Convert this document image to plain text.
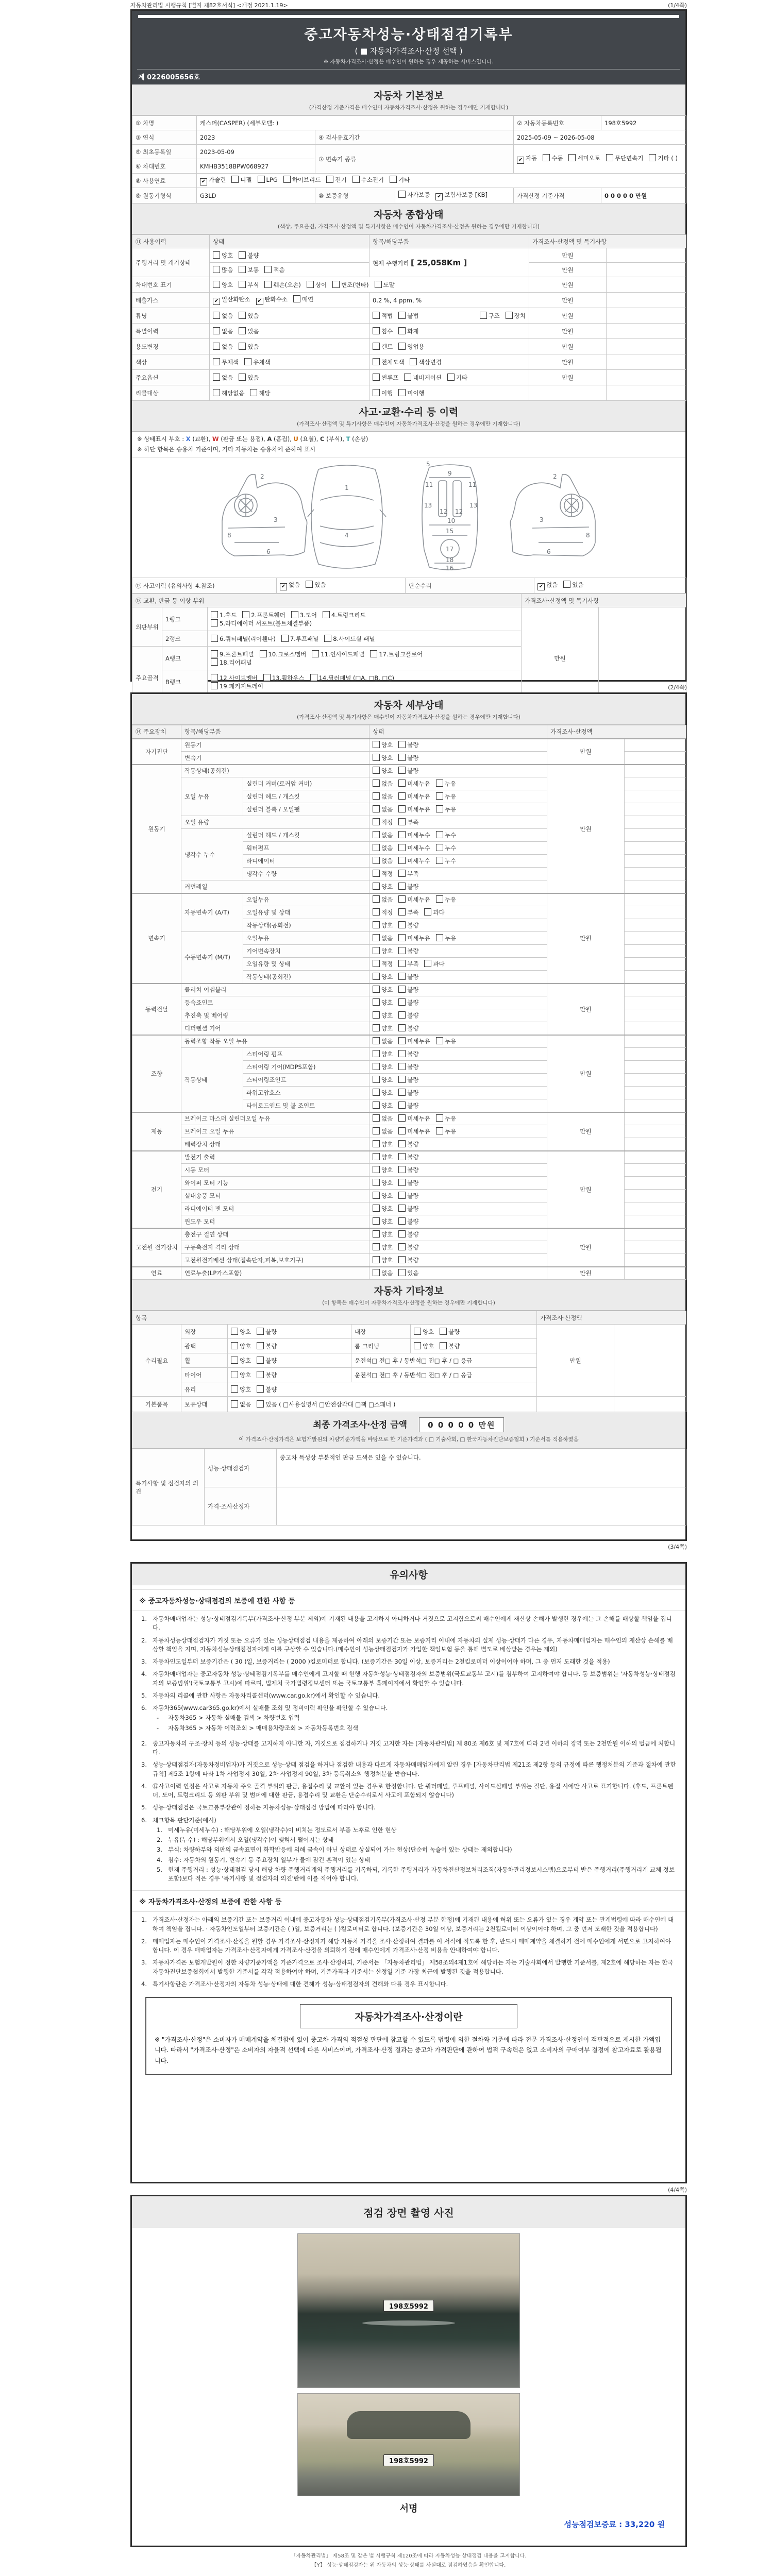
자동차관리법 시행규칙 [별지 제82호서식] <개정 2021.1.19>	(1/4쪽)
중고자동차성능·상태점검기록부
( ■ 자동차가격조사·산정 선택 )
※ 자동차가격조사·산정은 매수인이 원하는 경우 제공하는 서비스입니다.
제 0226005656호
자동차 기본정보
(가격산정 기준가격은 매수인이 자동차가격조사·산정을 원하는 경우에만 기재합니다)
① 차명	캐스퍼(CASPER) (세부모델: )			② 자동차등록번호	198호5992
③ 연식	2023	④ 검사유효기간		2025-05-09 ~ 2026-05-08	
⑤ 최초등록일	2023-05-09	⑦ 변속기 종류		✔ 자동 수동 세미오토 무단변속기 기타 ( )	
⑥ 차대번호	KMHB3518BPW068927				
⑧ 사용연료	✔ 가솔린 디젤 LPG 하이브리드 전기 수소전기 기타				
⑨ 원동기형식	G3LD	⑩ 보증유형	자가보증 ✔ 보험사보증 [KB]	가격산정 기준가격	0 0 0 0 0 만원
자동차 종합상태
(색상, 주요옵션, 가격조사·산정액 및 특기사항은 매수인이 자동차가격조사·산정을 원하는 경우에만 기재합니다)
⑪ 사용이력	상태	항목/해당부품	가격조사·산정액 및 특기사항	
주행거리 및 계기상태	양호 불량	현재 주행거리 [ 25,058Km ]	만원	
	많음 보통 적음		만원	
차대번호 표기	양호 부식 훼손(오손) 상이 변조(변타) 도말		만원	
배출가스	✔ 일산화탄소 ✔ 탄화수소 매연	0.2 %, 4 ppm, %	만원	
튜닝	없음 있음	적법 불법 구조 장치	만원	
특별이력	없음 있음	침수 화재	만원	
용도변경	없음 있음	렌트 영업용	만원	
색상	무채색 유채색	전체도색 색상변경	만원	
주요옵션	없음 있음	썬루프 네비게이션 기타	만원	
리콜대상	해당없음 해당	이행 미이행		
사고·교환·수리 등 이력
(가격조사·산정액 및 특기사항은 매수인이 자동차가격조사·산정을 원하는 경우에만 기재합니다)
※ 상태표시 부호 : X (교환), W (판금 또는 용접), A (흠집), U (요철), C (부식), T (손상)
※ 하단 항목은 승용차 기준이며, 기타 자동차는 승용차에 준하여 표시
2
3
8
6
1
4
5
9
11	11
13	13
12 12
10
15
17
16
18
2
3
8
6
⑫ 사고이력 (유의사항 4.참조)	✔ 없음 있음	단순수리	✔ 없음 있음
⑬ 교환, 판금 등 이상 부위			가격조사·산정액 및 특기사항	
외판부위	1랭크	1.후드 2.프론트휀더 3.도어 4.트렁크리드
5.라디에이터 서포트(볼트체결부품)	만원	
	2랭크	6.쿼터패널(리어휀다) 7.루프패널 8.사이드실 패널		

주요골격	A랭크	9.프론트패널 10.크로스멤버 11.인사이드패널 17.트렁크플로어
18.리어패널		

	B랭크	12.사이드멤버 13.휠하우스 14.필러패널 (□A, □B, □C)
19.패키지트레이		

		(2/4쪽)
자동차 세부상태
(가격조사·산정액 및 특기사항은 매수인이 자동차가격조사·산정을 원하는 경우에만 기재합니다)
⑭ 주요장치	항목/해당부품		상태	가격조사·산정액	
자기진단	원동기		양호 불량	만원	
	변속기		양호 불량		
원동기	작동상태(공회전)		양호 불량	만원	
	오일 누유	실린더 커버(로커암 커버)	없음 미세누유 누유		
		실린더 헤드 / 개스킷	없음 미세누유 누유		
		실린더 블록 / 오일팬	없음 미세누유 누유		
	오일 유량		적정 부족		
	냉각수 누수	실린더 헤드 / 개스킷	없음 미세누수 누수		
		워터펌프	없음 미세누수 누수		
		라디에이터	없음 미세누수 누수		
		냉각수 수량	적정 부족		
	커먼레일		양호 불량		
변속기	자동변속기 (A/T)	오일누유	없음 미세누유 누유	만원	
		오일유량 및 상태	적정 부족 과다		
		작동상태(공회전)	양호 불량		
	수동변속기 (M/T)	오일누유	없음 미세누유 누유		
		기어변속장치	양호 불량		
		오일유량 및 상태	적정 부족 과다		
		작동상태(공회전)	양호 불량		
동력전달	클러치 어셈블리		양호 불량	만원	
	등속죠인트		양호 불량		
	추진축 및 베어링		양호 불량		
	디퍼렌셜 기어		양호 불량		
조향	동력조향 작동 오일 누유		없음 미세누유 누유	만원	
	작동상태	스티어링 펌프	양호 불량		
		스티어링 기어(MDPS포함)	양호 불량		
		스티어링조인트	양호 불량		
		파워고압호스	양호 불량		
		타이로드엔드 및 볼 조인트	양호 불량		
제동	브레이크 마스터 실린더오일 누유		없음 미세누유 누유	만원	
	브레이크 오일 누유		없음 미세누유 누유		
	배력장치 상태		양호 불량		
전기	발전기 출력		양호 불량	만원	
	시동 모터		양호 불량		
	와이퍼 모터 기능		양호 불량		
	실내송풍 모터		양호 불량		
	라디에이터 팬 모터		양호 불량		
	윈도우 모터		양호 불량		
고전원 전기장치	충전구 절연 상태		양호 불량	만원	
	구동축전지 격리 상태		양호 불량		
	고전원전기배선 상태(접속단자,피복,보호기구)		양호 불량		
연료	연료누출(LP가스포함)		없음 있음	만원	
자동차 기타정보
(이 항목은 매수인이 자동차가격조사·산정을 원하는 경우에만 기재합니다)
항목					가격조사·산정액	
수리필요	외장	양호 불량	내장	양호 불량	만원	
	광택	양호 불량	룸 크리닝	양호 불량		
	휠	양호 불량	운전석□ 전□ 후 / 동반석□ 전□ 후 / □ 응급			
	타이어	양호 불량	운전석□ 전□ 후 / 동반석□ 전□ 후 / □ 응급			
	유리	양호 불량				
기본품목	보유상태	없음 있음 ( □사용설명서 □안전삼각대 □잭 □스패너 )				
최종 가격조사·산정 금액	0 0 0 0 0 만원
이 가격조사·산정가격은 보험개발원의 차량기준가액을 바탕으로 한 기준가격과 ( □ 기술사회, □ 한국자동차진단보증협회 ) 기준서를 적용하였음
특기사항 및 점검자의 의견	성능·상태점검자	중고차 특성상 부분적인 판금 도색은 있을 수 있습니다.
	가격·조사산정자	
(3/4쪽)
유의사항
※ 중고자동차성능·상태점검의 보증에 관한 사항 등
1. 자동차매매업자는 성능·상태점검기록부(가격조사·산정 부분 제외)에 기재된 내용을 고지하지 아니하거나 거짓으로 고지함으로써 매수인에게 재산상 손해가 발생한 경우에는 그 손해를 배상할 책임을 집니다.
2. 자동차성능상태점검자가 거짓 또는 오류가 있는 성능상태점검 내용을 제공하여 아래의 보증기간 또는 보증거리 이내에 자동차의 실제 성능·상태가 다른 경우, 자동차매매업자는 매수인의 재산상 손해를 배상할 책임을 지며, 자동차성능상태점검자에게 이를 구상할 수 있습니다.(매수인이 성능상태점검자가 가입한 책임보험 등을 통해 별도로 배상받는 경우는 제외)
3. 자동차인도일부터 보증기간은 ( 30 )일, 보증거리는 ( 2000 )킬로미터로 합니다. (보증기간은 30일 이상, 보증거리는 2천킬로미터 이상이어야 하며, 그 중 먼저 도래한 것을 적용)
4. 자동차매매업자는 중고자동차 성능·상태점검기록부를 매수인에게 고지할 때 현행 자동차성능·상태점검자의 보증범위(국토교통부 고시)를 첨부하여 고지하여야 합니다. 동 보증범위는 '자동차성능·상태점검자의 보증범위'(국토교통부 고시)에 따르며, 법제처 국가법령정보센터 또는 국토교통부 홈페이지에서 확인할 수 있습니다.
5. 자동차의 리콜에 관한 사항은 자동차리콜센터(www.car.go.kr)에서 확인할 수 있습니다.
6. 자동차365(www.car365.go.kr)에서 실매물 조회 및 정비이력 확인을 확인할 수 있습니다.
-	자동차365 > 자동차 실매물 검색 > 차량번호 입력
-	자동차365 > 자동차 이력조회 > 매매용차량조회 > 자동차등록번호 검색
2. 중고자동차의 구조·장치 등의 성능·상태를 고지하지 아니한 자, 거짓으로 점검하거나 거짓 고지한 자는 [자동차관리법] 제 80조 제6호 및 제7호에 따라 2년 이하의 징역 또는 2천만원 이하의 벌금에 처합니다.
3. 성능·상태점검자(자동차정비업자)가 거짓으로 성능·상태 점검을 하거나 점검한 내용과 다르게 자동차매매업자에게 알린 경우 [자동차관리법 제21조 제2항 등의 규정에 따른 행정처분의 기준과 절차에 관한 규칙] 제5조 1항에 따라 1차 사업정지 30일, 2차 사업정지 90일, 3차 등록취소의 행정처분을 받습니다.
4. ⑫사고이력 인정은 사고로 자동차 주요 골격 부위의 판금, 용접수리 및 교환이 있는 경우로 한정합니다. 단 쿼터패널, 루프패널, 사이드실패널 부위는 절단, 용접 시에만 사고로 표기합니다. (후드, 프론트펜더, 도어, 트렁크리드 등 외판 부위 및 범퍼에 대한 판금, 용접수리 및 교환은 단순수리로서 사고에 포함되지 않습니다)
5. 성능·상태점검은 국토교통부장관이 정하는 자동차성능·상태점검 방법에 따라야 합니다.
6. 체크항목 판단기준(예시)
1. 미세누유(미세누수) : 해당부위에 오일(냉각수)이 비치는 정도로서 부품 노후로 인한 현상
2. 누유(누수) : 해당부위에서 오일(냉각수)이 맺혀서 떨어지는 상태
3. 부식: 차량하부와 외판의 금속표면이 화학반응에 의해 금속이 아닌 상태로 상실되어 가는 현상(단순히 녹슬어 있는 상태는 제외합니다)
4. 침수: 자동차의 원동기, 변속기 등 주요장치 일부가 물에 잠긴 흔적이 있는 상태
5. 현재 주행거리 : 성능·상태점검 당시 해당 차량 주행거리계의 주행거리를 기록하되, 기록한 주행거리가 자동차전산정보처리조직(자동차관리정보시스템)으로부터 받은 주행거리(주행거리계 교체 정보 포함)보다 적은 경우 '특기사항 및 점검자의 의견'란에 이를 적어야 합니다.
※ 자동차가격조사·산정의 보증에 관한 사항 등
1. 가격조사·산정자는 아래의 보증기간 또는 보증거리 이내에 중고자동차 성능·상태점검기록부(가격조사·산정 부분 한정)에 기재된 내용에 허위 또는 오류가 있는 경우 계약 또는 관계법령에 따라 매수인에 대하여 책임을 집니다. · 자동차인도일부터 보증기간은 ( )일, 보증거리는 ( )킬로미터로 합니다. (보증기간은 30일 이상, 보증거리는 2천킬로미터 이상이어야 하며, 그 중 먼저 도래한 것을 적용합니다)
2. 매매업자는 매수인이 가격조사·산정을 원할 경우 가격조사·산정자가 해당 자동차 가격을 조사·산정하여 결과를 이 서식에 적도록 한 후, 반드시 매매계약을 체결하기 전에 매수인에게 서면으로 고지하여야 합니다. 이 경우 매매업자는 가격조사·산정자에게 가격조사·산정을 의뢰하기 전에 매수인에게 가격조사·산정 비용을 안내하여야 합니다.
3. 자동차가격은 보험개발원이 정한 차량기준가액을 기준가격으로 조사·산정하되, 기준서는 「자동차관리법」 제58조의4제1호에 해당하는 자는 기술사회에서 발행한 기준서를, 제2호에 해당하는 자는 한국자동차진단보증협회에서 발행한 기준서를 각각 적용하여야 하며, 기준가격과 기준서는 산정일 기준 가장 최근에 발행된 것을 적용합니다.
4. 특기사항란은 가격조사·산정자의 자동차 성능·상태에 대한 견해가 성능·상태점검자의 견해와 다를 경우 표시합니다.
자동차가격조사·산정이란
※ "가격조사·산정"은 소비자가 매매계약을 체결함에 있어 중고차 가격의 적절성 판단에 참고할 수 있도록 법령에 의한 절차와 기준에 따라 전문 가격조사·산정인이 객관적으로 제시한 가액입니다. 따라서 "가격조사·산정"은 소비자의 자율적 선택에 따른 서비스이며, 가격조사·산정 결과는 중고차 가격판단에 관하여 법적 구속력은 없고 소비자의 구매여부 결정에 참고자료로 활용됩니다.
(4/4쪽)
점검 장면 촬영 사진
198호5992
198호5992
서명
성능점검보증료 : 33,220 원
「자동차관리법」 제58조 및 같은 법 시행규칙 제120조에 따라 자동차성능·상태점검 내용을 고지합니다.
【Y】 성능·상태점검자는 위 자동차의 성능·상태를 사실대로 점검하였음을 확인합니다.
